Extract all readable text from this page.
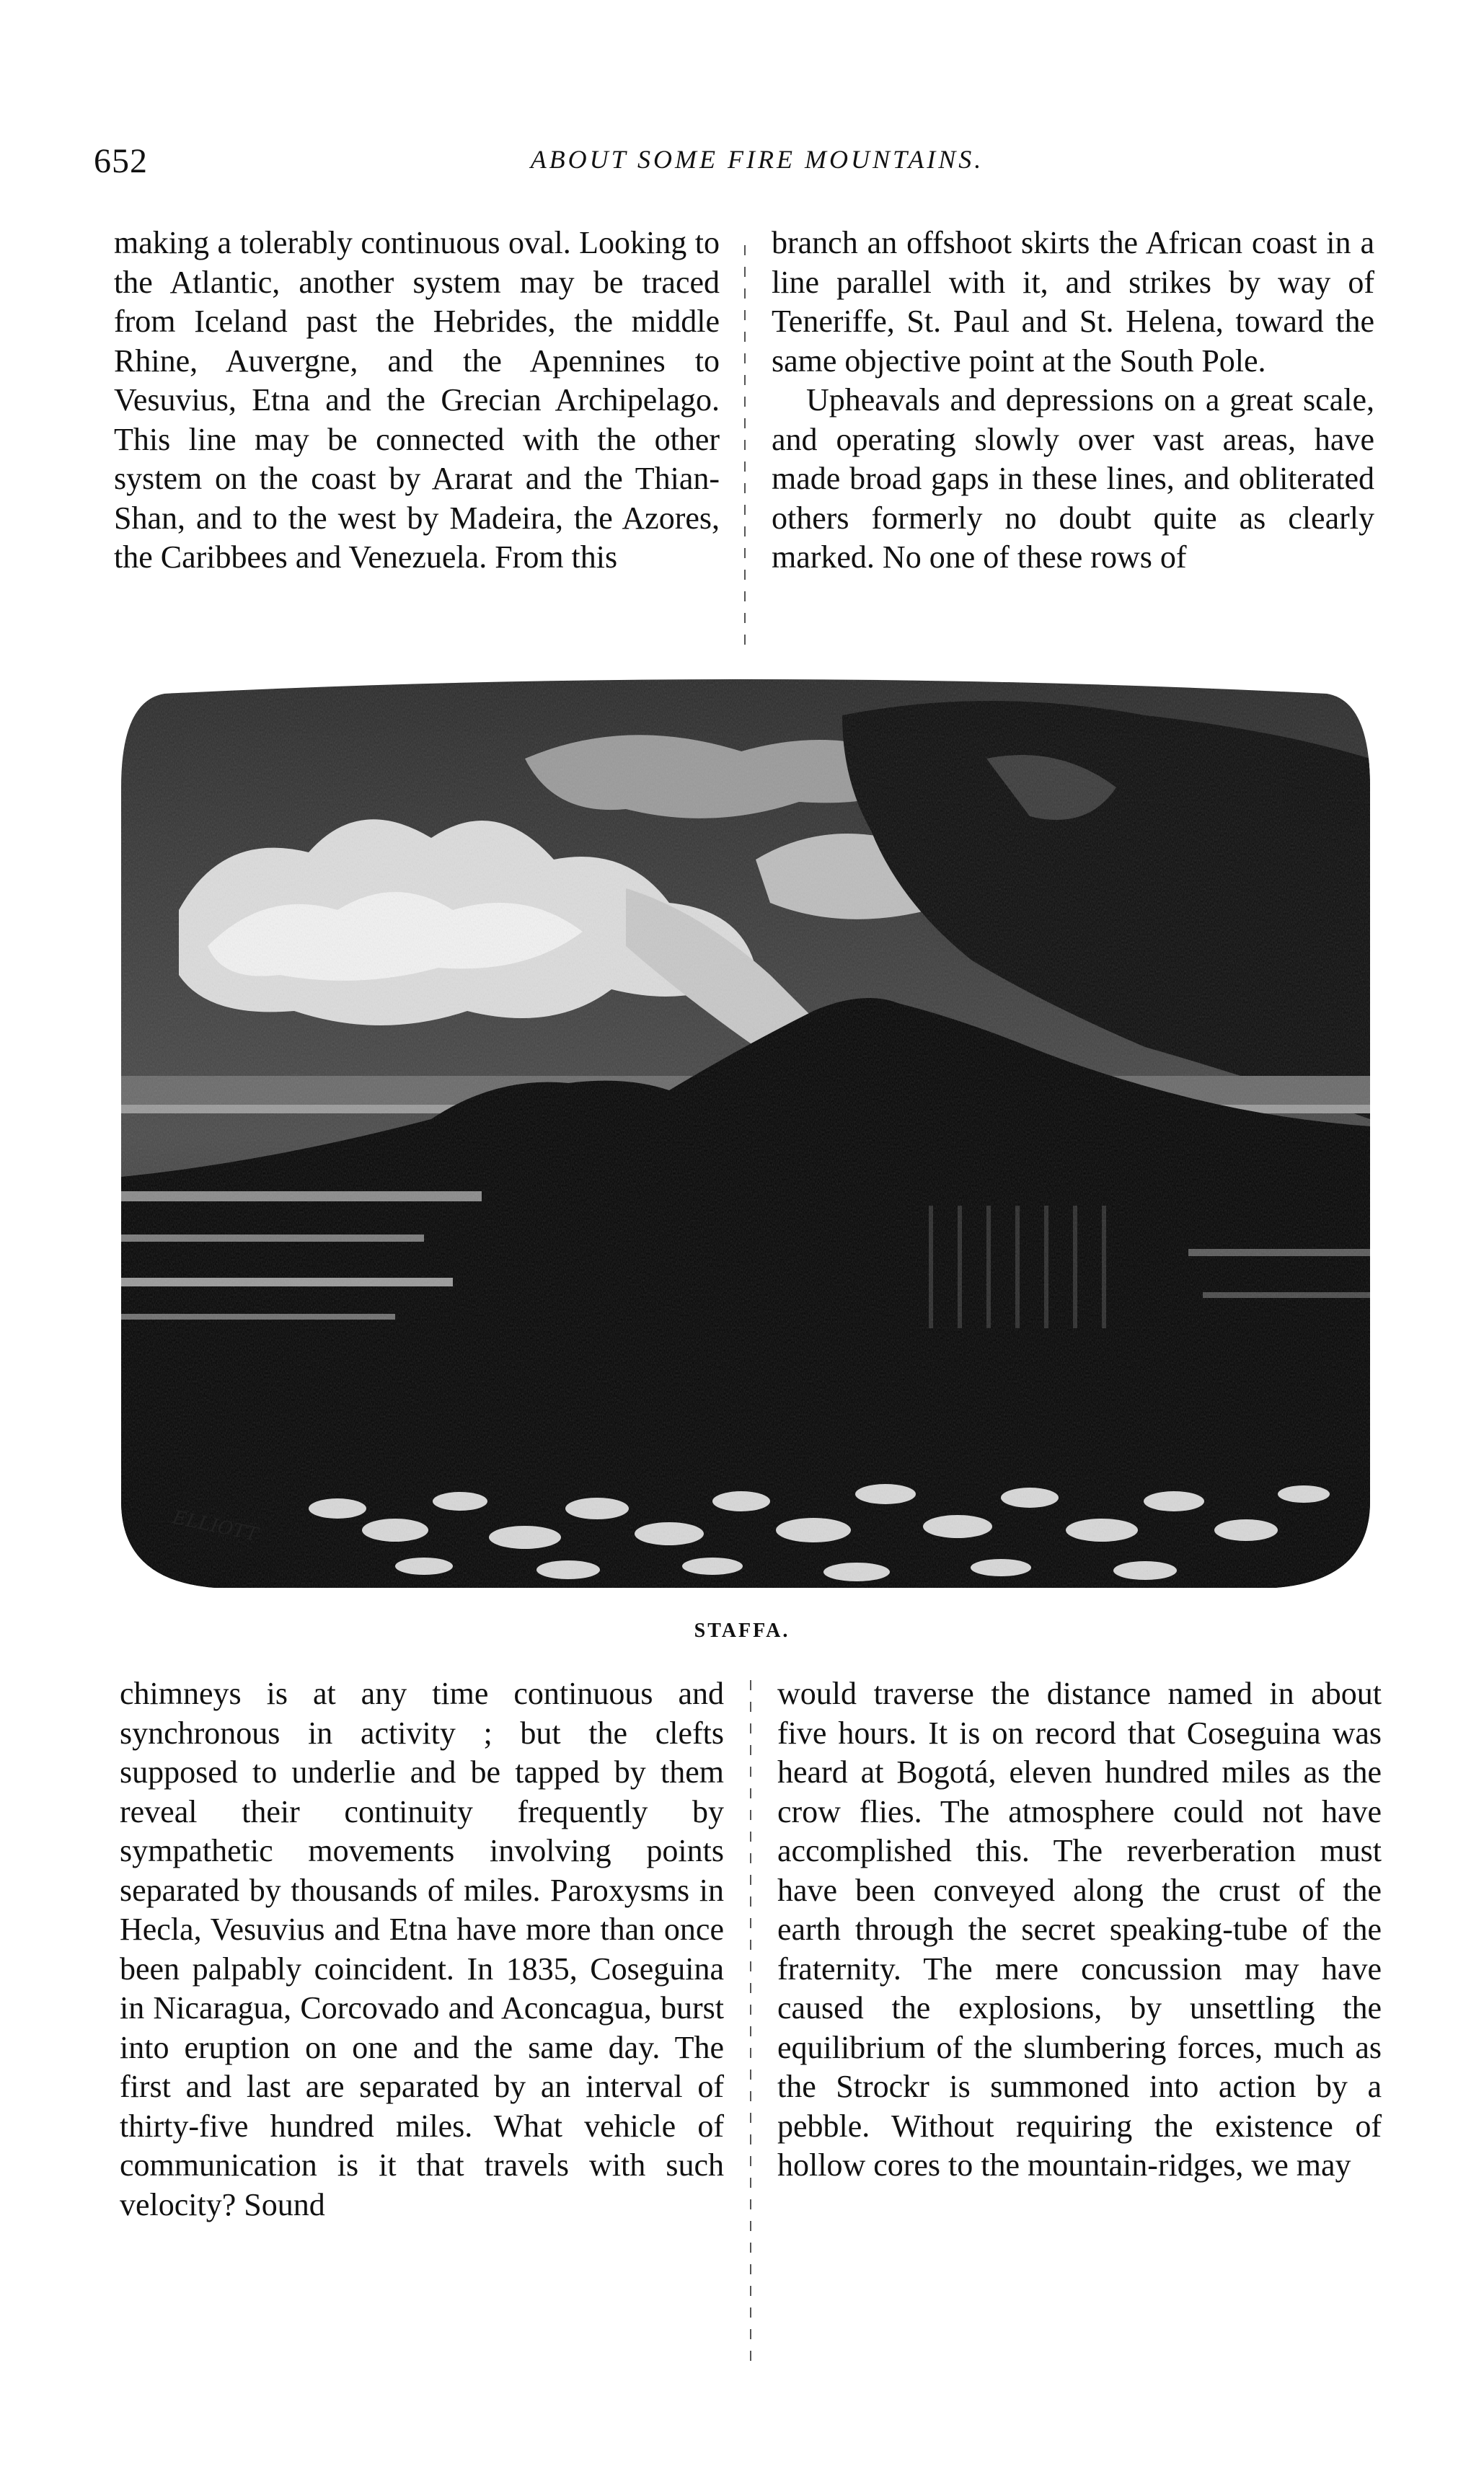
652	ABOUT SOME FIRE MOUNTAINS.

making a tolerably continuous oval. Looking to the Atlantic, another system may be traced from Iceland past the Hebrides, the middle Rhine, Auvergne, and the Apennines to Vesuvius, Etna and the Grecian Archipelago. This line may be connected with the other system on the coast by Ararat and the Thian-Shan, and to the west by Madeira, the Azores, the Caribbees and Venezuela. From this

branch an offshoot skirts the African coast in a line parallel with it, and strikes by way of Teneriffe, St. Paul and St. Helena, toward the same objective point at the South Pole.

Upheavals and depressions on a great scale, and operating slowly over vast areas, have made broad gaps in these lines, and obliterated others formerly no doubt quite as clearly marked. No one of these rows of

ELLIOTT
STAFFA.

chimneys is at any time continuous and synchronous in activity ; but the clefts supposed to underlie and be tapped by them reveal their continuity frequently by sympathetic movements involving points separated by thousands of miles. Paroxysms in Hecla, Vesuvius and Etna have more than once been palpably coincident. In 1835, Coseguina in Nicaragua, Corcovado and Aconcagua, burst into eruption on one and the same day. The first and last are separated by an interval of thirty-five hundred miles. What vehicle of communication is it that travels with such velocity? Sound

would traverse the distance named in about five hours. It is on record that Coseguina was heard at Bogotá, eleven hundred miles as the crow flies. The atmosphere could not have accomplished this. The reverberation must have been conveyed along the crust of the earth through the secret speaking-tube of the fraternity. The mere concussion may have caused the explosions, by unsettling the equilibrium of the slumbering forces, much as the Strockr is summoned into action by a pebble. Without requiring the existence of hollow cores to the mountain-ridges, we may
